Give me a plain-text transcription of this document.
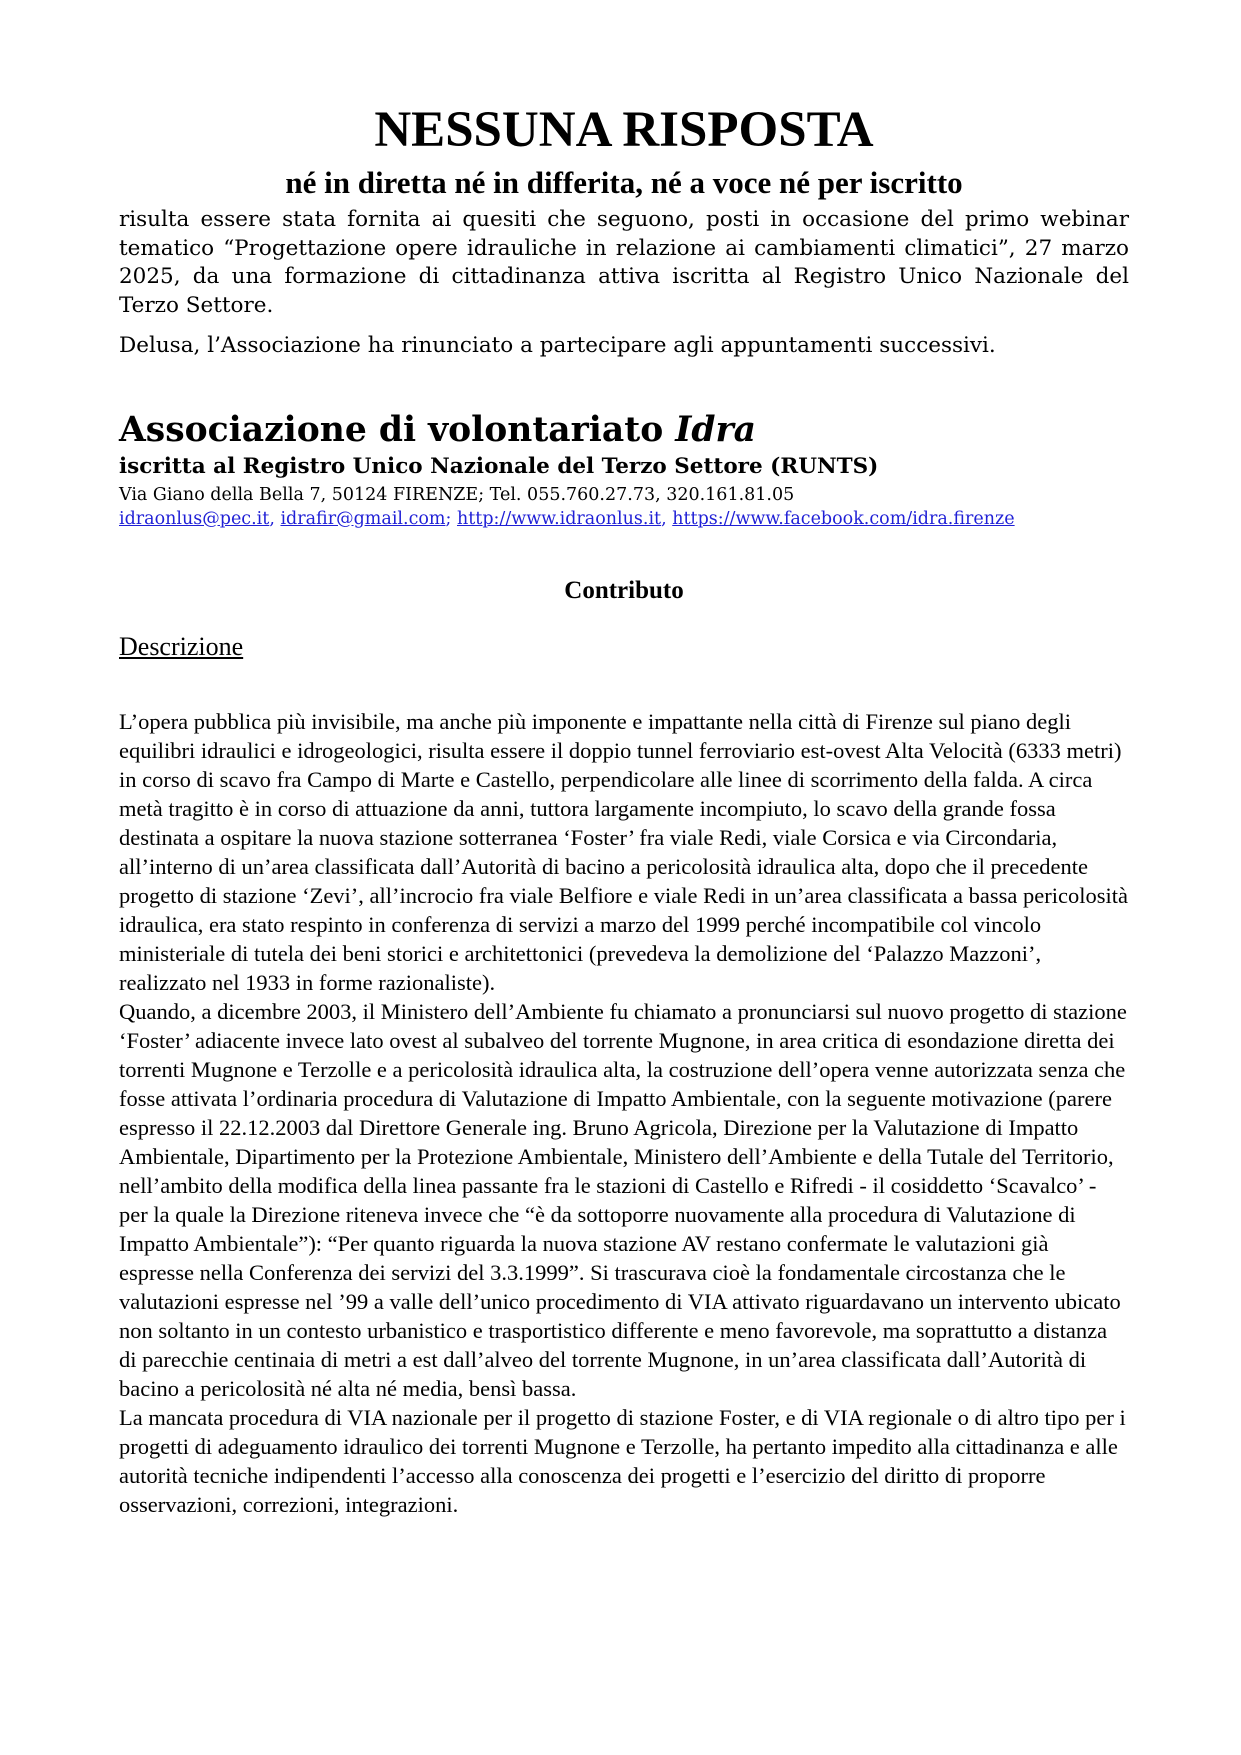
NESSUNA RISPOSTA
né in diretta né in differita, né a voce né per iscritto

risulta essere stata fornita ai quesiti che seguono, posti in occasione del primo webinar tematico “Progettazione opere idrauliche in relazione ai cambiamenti climatici”, 27 marzo 2025, da una formazione di cittadinanza attiva iscritta al Registro Unico Nazionale del Terzo Settore.

Delusa, l’Associazione ha rinunciato a partecipare agli appuntamenti successivi.

Associazione di volontariato Idra
iscritta al Registro Unico Nazionale del Terzo Settore (RUNTS)
Via Giano della Bella 7, 50124 FIRENZE; Tel. 055.760.27.73, 320.161.81.05
idraonlus@pec.it, idrafir@gmail.com; http://www.idraonlus.it, https://www.facebook.com/idra.firenze
Contributo
Descrizione

L’opera pubblica più invisibile, ma anche più imponente e impattante nella città di Firenze sul piano degli equilibri idraulici e idrogeologici, risulta essere il doppio tunnel ferroviario est-ovest Alta Velocità (6333 metri) in corso di scavo fra Campo di Marte e Castello, perpendicolare alle linee di scorrimento della falda. A circa metà tragitto è in corso di attuazione da anni, tuttora largamente incompiuto, lo scavo della grande fossa destinata a ospitare la nuova stazione sotterranea ‘Foster’ fra viale Redi, viale Corsica e via Circondaria, all’interno di un’area classificata dall’Autorità di bacino a pericolosità idraulica alta, dopo che il precedente progetto di stazione ‘Zevi’, all’incrocio fra viale Belfiore e viale Redi in un’area classificata a bassa pericolosità idraulica, era stato respinto in conferenza di servizi a marzo del 1999 perché incompatibile col vincolo ministeriale di tutela dei beni storici e architettonici (prevedeva la demolizione del ‘Palazzo Mazzoni’, realizzato nel 1933 in forme razionaliste).

Quando, a dicembre 2003, il Ministero dell’Ambiente fu chiamato a pronunciarsi sul nuovo progetto di stazione ‘Foster’ adiacente invece lato ovest al subalveo del torrente Mugnone, in area critica di esondazione diretta dei torrenti Mugnone e Terzolle e a pericolosità idraulica alta, la costruzione dell’opera venne autorizzata senza che fosse attivata l’ordinaria procedura di Valutazione di Impatto Ambientale, con la seguente motivazione (parere espresso il 22.12.2003 dal Direttore Generale ing. Bruno Agricola, Direzione per la Valutazione di Impatto Ambientale, Dipartimento per la Protezione Ambientale, Ministero dell’Ambiente e della Tutale del Territorio, nell’ambito della modifica della linea passante fra le stazioni di Castello e Rifredi - il cosiddetto ‘Scavalco’ - per la quale la Direzione riteneva invece che “è da sottoporre nuovamente alla procedura di Valutazione di Impatto Ambientale”): “Per quanto riguarda la nuova stazione AV restano confermate le valutazioni già espresse nella Conferenza dei servizi del 3.3.1999”. Si trascurava cioè la fondamentale circostanza che le valutazioni espresse nel ’99 a valle dell’unico procedimento di VIA attivato riguardavano un intervento ubicato non soltanto in un contesto urbanistico e trasportistico differente e meno favorevole, ma soprattutto a distanza di parecchie centinaia di metri a est dall’alveo del torrente Mugnone, in un’area classificata dall’Autorità di bacino a pericolosità né alta né media, bensì bassa.

La mancata procedura di VIA nazionale per il progetto di stazione Foster, e di VIA regionale o di altro tipo per i progetti di adeguamento idraulico dei torrenti Mugnone e Terzolle, ha pertanto impedito alla cittadinanza e alle autorità tecniche indipendenti l’accesso alla conoscenza dei progetti e l’esercizio del diritto di proporre osservazioni, correzioni, integrazioni.
